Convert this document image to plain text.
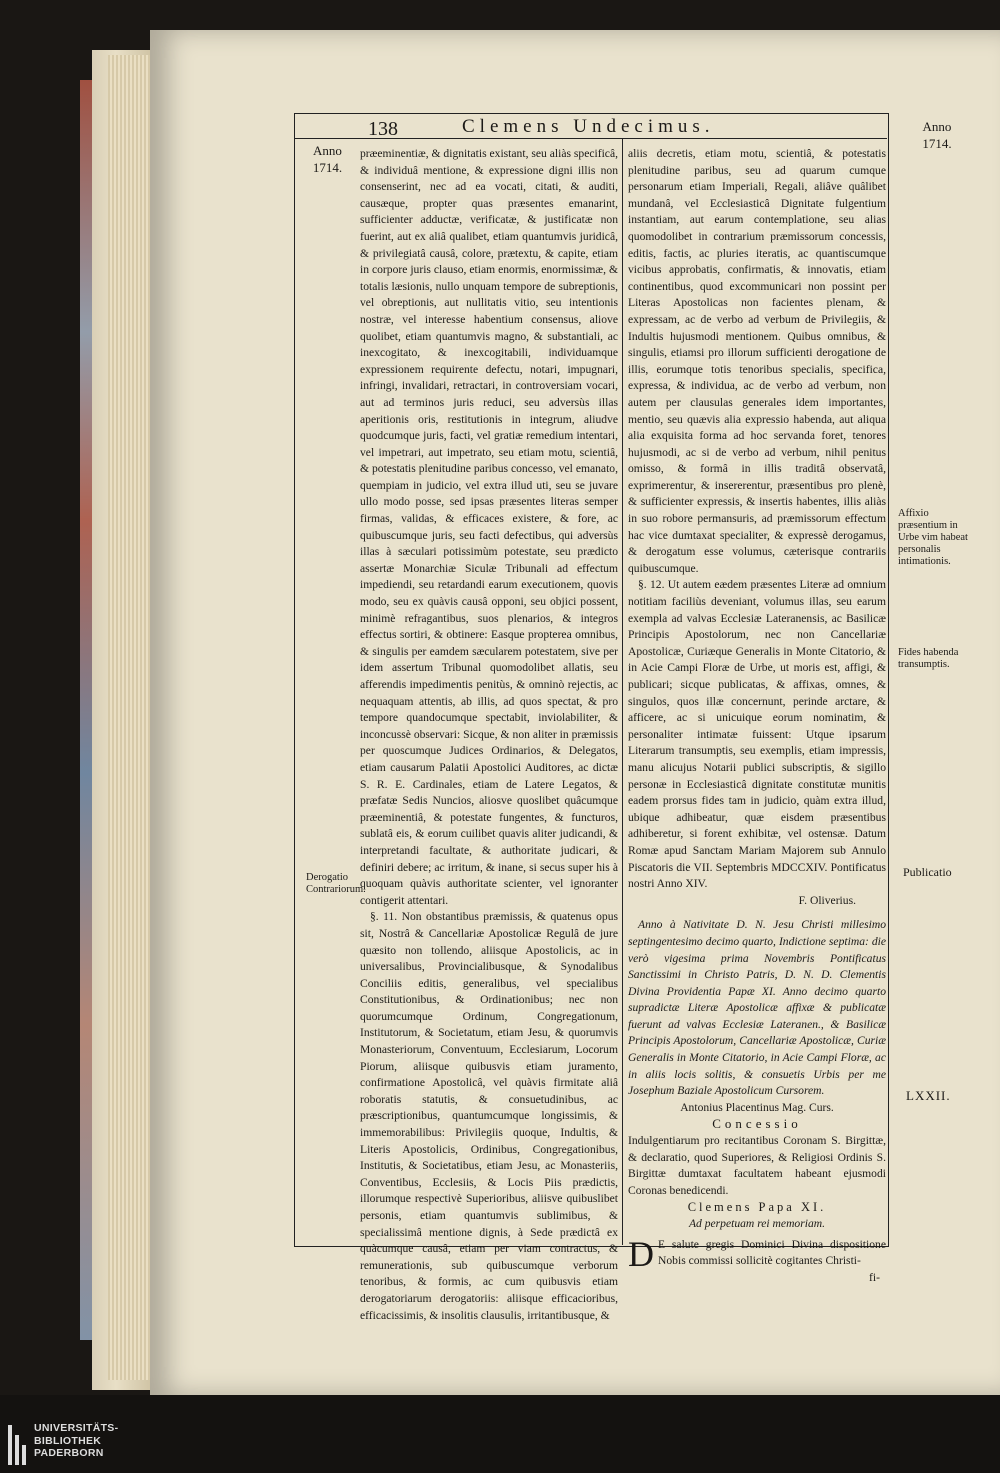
138	Clemens Undecimus.
Anno
1714.
Anno
1714.
Derogatio Contrariorum.
Affixio præsentium in Urbe vim habeat personalis intimationis.
Fides habenda transumptis.
Publicatio
LXXII.

præeminentiæ, & dignitatis existant, seu aliàs specificâ, & individuâ mentione, & expressione digni illis non consenserint, nec ad ea vocati, citati, & auditi, causæque, propter quas præsentes emanarint, sufficienter adductæ, verificatæ, & justificatæ non fuerint, aut ex aliâ qualibet, etiam quantumvis juridicâ, & privilegiatâ causâ, colore, prætextu, & capite, etiam in corpore juris clauso, etiam enormis, enormissimæ, & totalis læsionis, nullo unquam tempore de subreptionis, vel obreptionis, aut nullitatis vitio, seu intentionis nostræ, vel interesse habentium consensus, aliove quolibet, etiam quantumvis magno, & substantiali, ac inexcogitato, & inexcogitabili, individuamque expressionem requirente defectu, notari, impugnari, infringi, invalidari, retractari, in controversiam vocari, aut ad terminos juris reduci, seu adversùs illas aperitionis oris, restitutionis in integrum, aliudve quodcumque juris, facti, vel gratiæ remedium intentari, vel impetrari, aut impetrato, seu etiam motu, scientiâ, & potestatis plenitudine paribus concesso, vel emanato, quempiam in judicio, vel extra illud uti, seu se juvare ullo modo posse, sed ipsas præsentes literas semper firmas, validas, & efficaces existere, & fore, ac quibuscumque juris, seu facti defectibus, qui adversùs illas à sæculari potissimùm potestate, seu prædicto assertæ Monarchiæ Siculæ Tribunali ad effectum impediendi, seu retardandi earum executionem, quovis modo, seu ex quàvis causâ opponi, seu objici possent, minimè refragantibus, suos plenarios, & integros effectus sortiri, & obtinere: Easque propterea omnibus, & singulis per eamdem sæcularem potestatem, sive per idem assertum Tribunal quomodolibet allatis, seu afferendis impedimentis penitùs, & omninò rejectis, ac nequaquam attentis, ab illis, ad quos spectat, & pro tempore quandocumque spectabit, inviolabiliter, & inconcussè observari: Sicque, & non aliter in præmissis per quoscumque Judices Ordinarios, & Delegatos, etiam causarum Palatii Apostolici Auditores, ac dictæ S. R. E. Cardinales, etiam de Latere Legatos, & præfatæ Sedis Nuncios, aliosve quoslibet quâcumque præeminentiâ, & potestate fungentes, & functuros, sublatâ eis, & eorum cuilibet quavis aliter judicandi, & interpretandi facultate, & authoritate judicari, & definiri debere; ac irritum, & inane, si secus super his à quoquam quàvis authoritate scienter, vel ignoranter contigerit attentari.

§. 11. Non obstantibus præmissis, & quatenus opus sit, Nostrâ & Cancellariæ Apostolicæ Regulâ de jure quæsito non tollendo, aliisque Apostolicis, ac in universalibus, Provincialibusque, & Synodalibus Conciliis editis, generalibus, vel specialibus Constitutionibus, & Ordinationibus; nec non quorumcumque Ordinum, Congregationum, Institutorum, & Societatum, etiam Jesu, & quorumvis Monasteriorum, Conventuum, Ecclesiarum, Locorum Piorum, aliisque quibusvis etiam juramento, confirmatione Apostolicâ, vel quàvis firmitate aliâ roboratis statutis, & consuetudinibus, ac præscriptionibus, quantumcumque longissimis, & immemorabilibus: Privilegiis quoque, Indultis, & Literis Apostolicis, Ordinibus, Congregationibus, Institutis, & Societatibus, etiam Jesu, ac Monasteriis, Conventibus, Ecclesiis, & Locis Piis prædictis, illorumque respectivè Superioribus, aliisve quibuslibet personis, etiam quantumvis sublimibus, & specialissimâ mentione dignis, à Sede prædictâ ex quàcumque causâ, etiam per viam contractus, & remunerationis, sub quibuscumque verborum tenoribus, & formis, ac cum quibusvis etiam derogatoriarum derogatoriis: aliisque efficacioribus, efficacissimis, & insolitis clausulis, irritantibusque, &

aliis decretis, etiam motu, scientiâ, & potestatis plenitudine paribus, seu ad quarum cumque personarum etiam Imperiali, Regali, aliâve quâlibet mundanâ, vel Ecclesiasticâ Dignitate fulgentium instantiam, aut earum contemplatione, seu alias quomodolibet in contrarium præmissorum concessis, editis, factis, ac pluries iteratis, ac quantiscumque vicibus approbatis, confirmatis, & innovatis, etiam continentibus, quod excommunicari non possint per Literas Apostolicas non facientes plenam, & expressam, ac de verbo ad verbum de Privilegiis, & Indultis hujusmodi mentionem. Quibus omnibus, & singulis, etiamsi pro illorum sufficienti derogatione de illis, eorumque totis tenoribus specialis, specifica, expressa, & individua, ac de verbo ad verbum, non autem per clausulas generales idem importantes, mentio, seu quævis alia expressio habenda, aut aliqua alia exquisita forma ad hoc servanda foret, tenores hujusmodi, ac si de verbo ad verbum, nihil penitus omisso, & formâ in illis traditâ observatâ, exprimerentur, & insererentur, præsentibus pro plenè, & sufficienter expressis, & insertis habentes, illis aliàs in suo robore permansuris, ad præmissorum effectum hac vice dumtaxat specialiter, & expressè derogamus, & derogatum esse volumus, cæterisque contrariis quibuscumque.

§. 12. Ut autem eædem præsentes Literæ ad omnium notitiam faciliùs deveniant, volumus illas, seu earum exempla ad valvas Ecclesiæ Lateranensis, ac Basilicæ Principis Apostolorum, nec non Cancellariæ Apostolicæ, Curiæque Generalis in Monte Citatorio, & in Acie Campi Floræ de Urbe, ut moris est, affigi, & publicari; sicque publicatas, & affixas, omnes, & singulos, quos illæ concernunt, perinde arctare, & afficere, ac si unicuique eorum nominatim, & personaliter intimatæ fuissent: Utque ipsarum Literarum transumptis, seu exemplis, etiam impressis, manu alicujus Notarii publici subscriptis, & sigillo personæ in Ecclesiasticâ dignitate constitutæ munitis eadem prorsus fides tam in judicio, quàm extra illud, ubique adhibeatur, quæ eisdem præsentibus adhiberetur, si forent exhibitæ, vel ostensæ. Datum Romæ apud Sanctam Mariam Majorem sub Annulo Piscatoris die VII. Septembris MDCCXIV. Pontificatus nostri Anno XIV.

F. Oliverius.

Anno à Nativitate D. N. Jesu Christi millesimo septingentesimo decimo quarto, Indictione septima: die verò vigesima prima Novembris Pontificatus Sanctissimi in Christo Patris, D. N. D. Clementis Divina Providentia Papæ XI. Anno decimo quarto supradictæ Literæ Apostolicæ affixæ & publicatæ fuerunt ad valvas Ecclesiæ Lateranen., & Basilicæ Principis Apostolorum, Cancellariæ Apostolicæ, Curiæ Generalis in Monte Citatorio, in Acie Campi Floræ, ac in aliis locis solitis, & consuetis Urbis per me Josephum Baziale Apostolicum Cursorem.

Antonius Placentinus Mag. Curs.

Concessio

Indulgentiarum pro recitantibus Coronam S. Birgittæ, & declaratio, quod Superiores, & Religiosi Ordinis S. Birgittæ dumtaxat facultatem habeant ejusmodi Coronas benedicendi.

Clemens Papa XI.

Ad perpetuam rei memoriam.

D E salute gregis Dominici Divina dispositione Nobis commissi sollicitè cogitantes Christi-

fi-

UNIVERSITÄTS-
BIBLIOTHEK
PADERBORN
